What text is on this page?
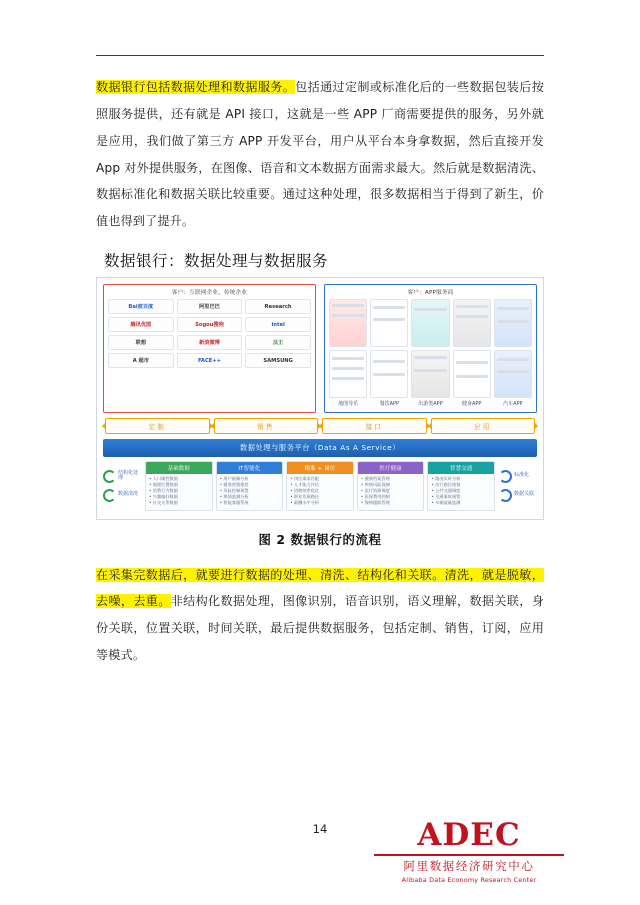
数据银行包括数据处理和数据服务。包括通过定制或标准化后的一些数据包装后按照服务提供，还有就是 API 接口，这就是一些 APP 厂商需要提供的服务，另外就是应用，我们做了第三方 APP 开发平台，用户从平台本身拿数据，然后直接开发 App 对外提供服务，在图像、语音和文本数据方面需求最大。然后就是数据清洗、数据标准化和数据关联比较重要。通过这种处理，很多数据相当于得到了新生，价值也得到了提升。

数据银行：数据处理与数据服务
客户：互联网企业、传统企业
Bai度百度	阿里巴巴	Research
腾讯优图	Sogou搜狗	intel
联想	新浪微博	汰王
A 超市	FACE++	SAMSUNG
客户：APP服务商
地图导乐	餐饮APP	出游类APP	健身APP	汽车APP
定制	销售	接口	应用
数据处理与服务平台（Data As A Service）
结构化处理
数据清洗
基础数据
• 人口属性数据
• 地理位置数据
• 消费行为数据
• 兴趣偏好数据
• 社交关系数据
IT智能化
• 用户画像分析
• 精准营销推荐
• 风险控制预警
• 舆情监测分析
• 智能客服系统
精准 + 岗位
• 岗位需求匹配
• 人才能力评估
• 招聘效率优化
• 职业发展路径
• 薪酬水平分析
医疗健康
• 健康档案管理
• 疾病风险预测
• 医疗资源调度
• 医保费用控制
• 慢病跟踪管理
智慧交通
• 路况实时分析
• 出行路径规划
• 公共交通调度
• 交通事故预警
• 车辆流量监测
标准化
数据关联
图 2 数据银行的流程

在采集完数据后，就要进行数据的处理、清洗、结构化和关联。清洗，就是脱敏，去噪，去重。非结构化数据处理，图像识别，语音识别，语义理解，数据关联，身份关联，位置关联，时间关联，最后提供数据服务，包括定制、销售，订阅，应用等模式。

14	ADEC
阿里数据经济研究中心
Alibaba Data Economy Research Center
